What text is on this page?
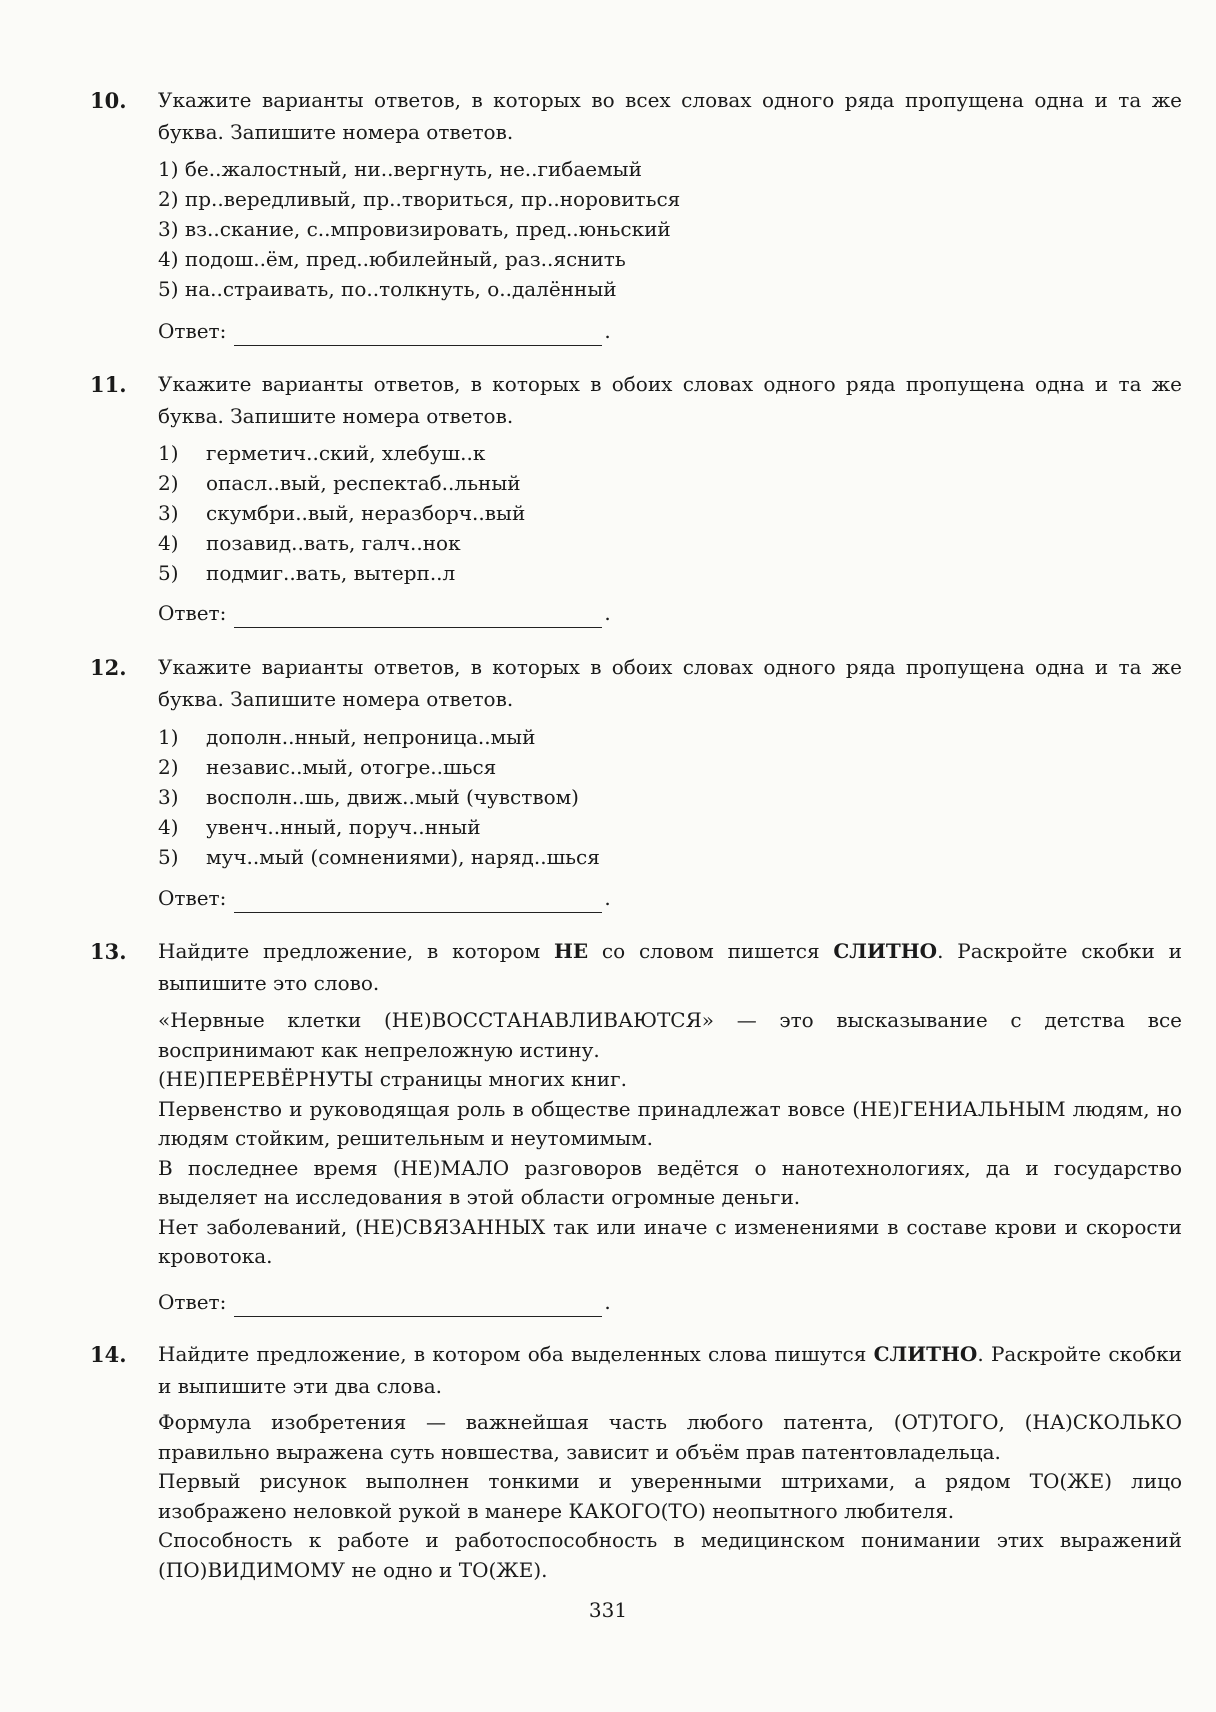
10. Укажите варианты ответов, в которых во всех словах одного ряда пропущена одна и та же буква. Запишите номера ответов.
1) бе..жалостный, ни..вергнуть, не..гибаемый
2) пр..вередливый, пр..твориться, пр..норовиться
3) вз..скание, с..мпровизировать, пред..юньский
4) подош..ём, пред..юбилейный, раз..яснить
5) на..страивать, по..толкнуть, о..далённый
Ответ:	.
11. Укажите варианты ответов, в которых в обоих словах одного ряда пропущена одна и та же буква. Запишите номера ответов.
1)	герметич..ский, хлебуш..к
2)	опасл..вый, респектаб..льный
3)	скумбри..вый, неразборч..вый
4)	позавид..вать, галч..нок
5)	подмиг..вать, вытерп..л
Ответ:	.
12. Укажите варианты ответов, в которых в обоих словах одного ряда пропущена одна и та же буква. Запишите номера ответов.
1)	дополн..нный, непроница..мый
2)	независ..мый, отогре..шься
3)	восполн..шь, движ..мый (чувством)
4)	увенч..нный, поруч..нный
5)	муч..мый (сомнениями), наряд..шься
Ответ:	.
13. Найдите предложение, в котором НЕ со словом пишется СЛИТНО. Раскройте скобки и выпишите это слово.

«Нервные клетки (НЕ)ВОССТАНАВЛИВАЮТСЯ» — это высказывание с детства все воспринимают как непреложную истину.

(НЕ)ПЕРЕВЁРНУТЫ страницы многих книг.

Первенство и руководящая роль в обществе принадлежат вовсе (НЕ)ГЕНИАЛЬНЫМ людям, но людям стойким, решительным и неутомимым.

В последнее время (НЕ)МАЛО разговоров ведётся о нанотехнологиях, да и государство выделяет на исследования в этой области огромные деньги.

Нет заболеваний, (НЕ)СВЯЗАННЫХ так или иначе с изменениями в составе крови и скорости кровотока.

Ответ:	.
14. Найдите предложение, в котором оба выделенных слова пишутся СЛИТНО. Раскройте скобки и выпишите эти два слова.

Формула изобретения — важнейшая часть любого патента, (ОТ)ТОГО, (НА)СКОЛЬКО правильно выражена суть новшества, зависит и объём прав патентовладельца.

Первый рисунок выполнен тонкими и уверенными штрихами, а рядом ТО(ЖЕ) лицо изображено неловкой рукой в манере КАКОГО(ТО) неопытного любителя.

Способность к работе и работоспособность в медицинском понимании этих выражений (ПО)ВИДИМОМУ не одно и ТО(ЖЕ).

331
